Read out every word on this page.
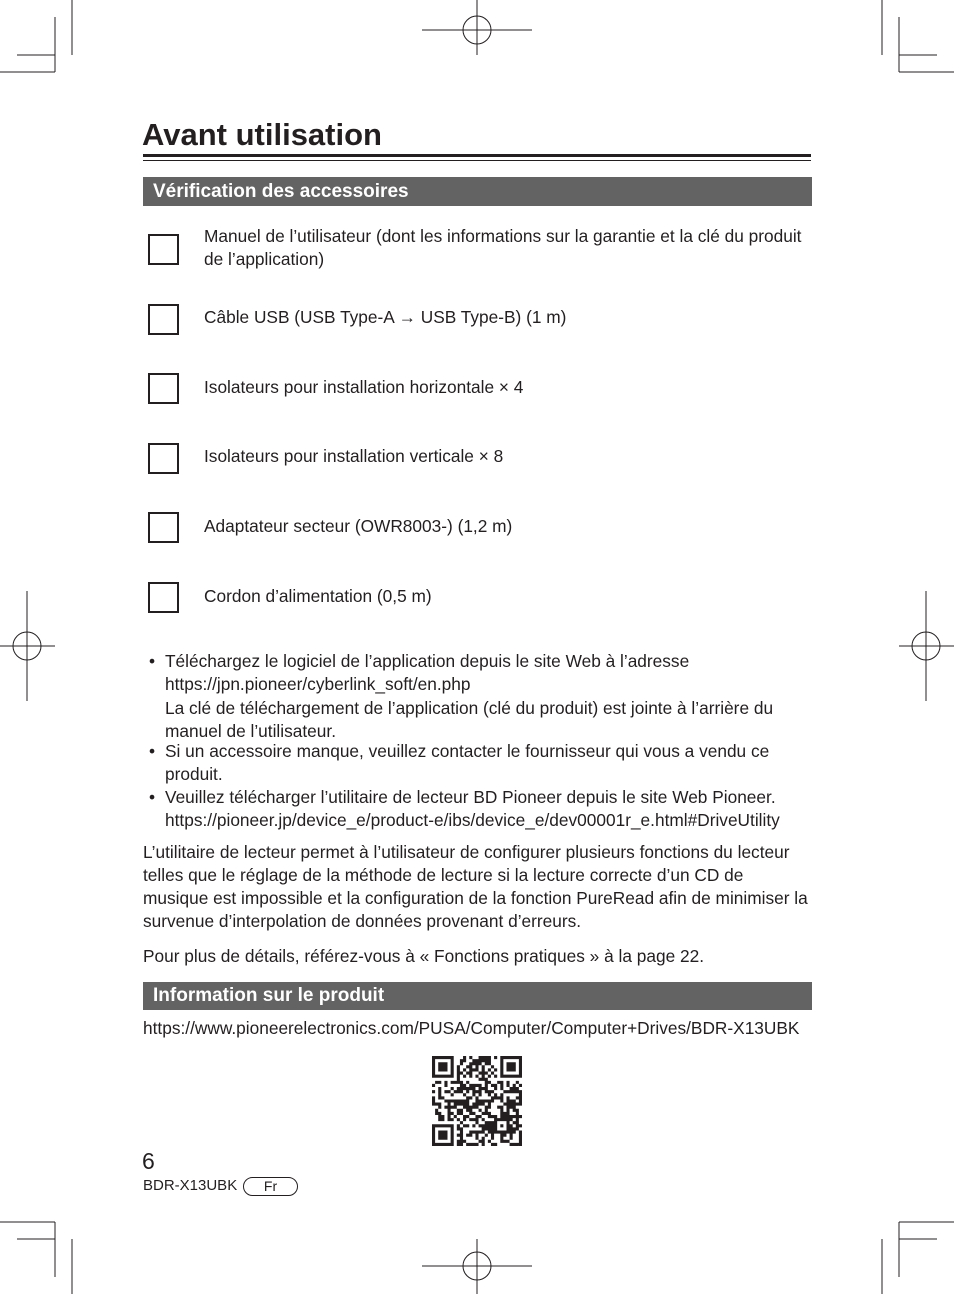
Avant utilisation
Vérification des accessoires
Manuel de l’utilisateur (dont les informations sur la garantie et la clé du produit
de l’application)
Câble USB (USB Type-A → USB Type-B) (1 m)
Isolateurs pour installation horizontale × 4
Isolateurs pour installation verticale × 8
Adaptateur secteur (OWR8003-) (1,2 m)
Cordon d’alimentation (0,5 m)
• Téléchargez le logiciel de l’application depuis le site Web à l’adresse
https://jpn.pioneer/cyberlink_soft/en.php
La clé de téléchargement de l’application (clé du produit) est jointe à l’arrière du
manuel de l’utilisateur.
• Si un accessoire manque, veuillez contacter le fournisseur qui vous a vendu ce
produit.
• Veuillez télécharger l’utilitaire de lecteur BD Pioneer depuis le site Web Pioneer.
https://pioneer.jp/device_e/product-e/ibs/device_e/dev00001r_e.html#DriveUtility
L’utilitaire de lecteur permet à l’utilisateur de configurer plusieurs fonctions du lecteur
telles que le réglage de la méthode de lecture si la lecture correcte d’un CD de
musique est impossible et la configuration de la fonction PureRead afin de minimiser la
survenue d’interpolation de données provenant d’erreurs.
Pour plus de détails, référez-vous à « Fonctions pratiques » à la page 22.
Information sur le produit
https://www.pioneerelectronics.com/PUSA/Computer/Computer+Drives/BDR-X13UBK
6
BDR-X13UBK	Fr
